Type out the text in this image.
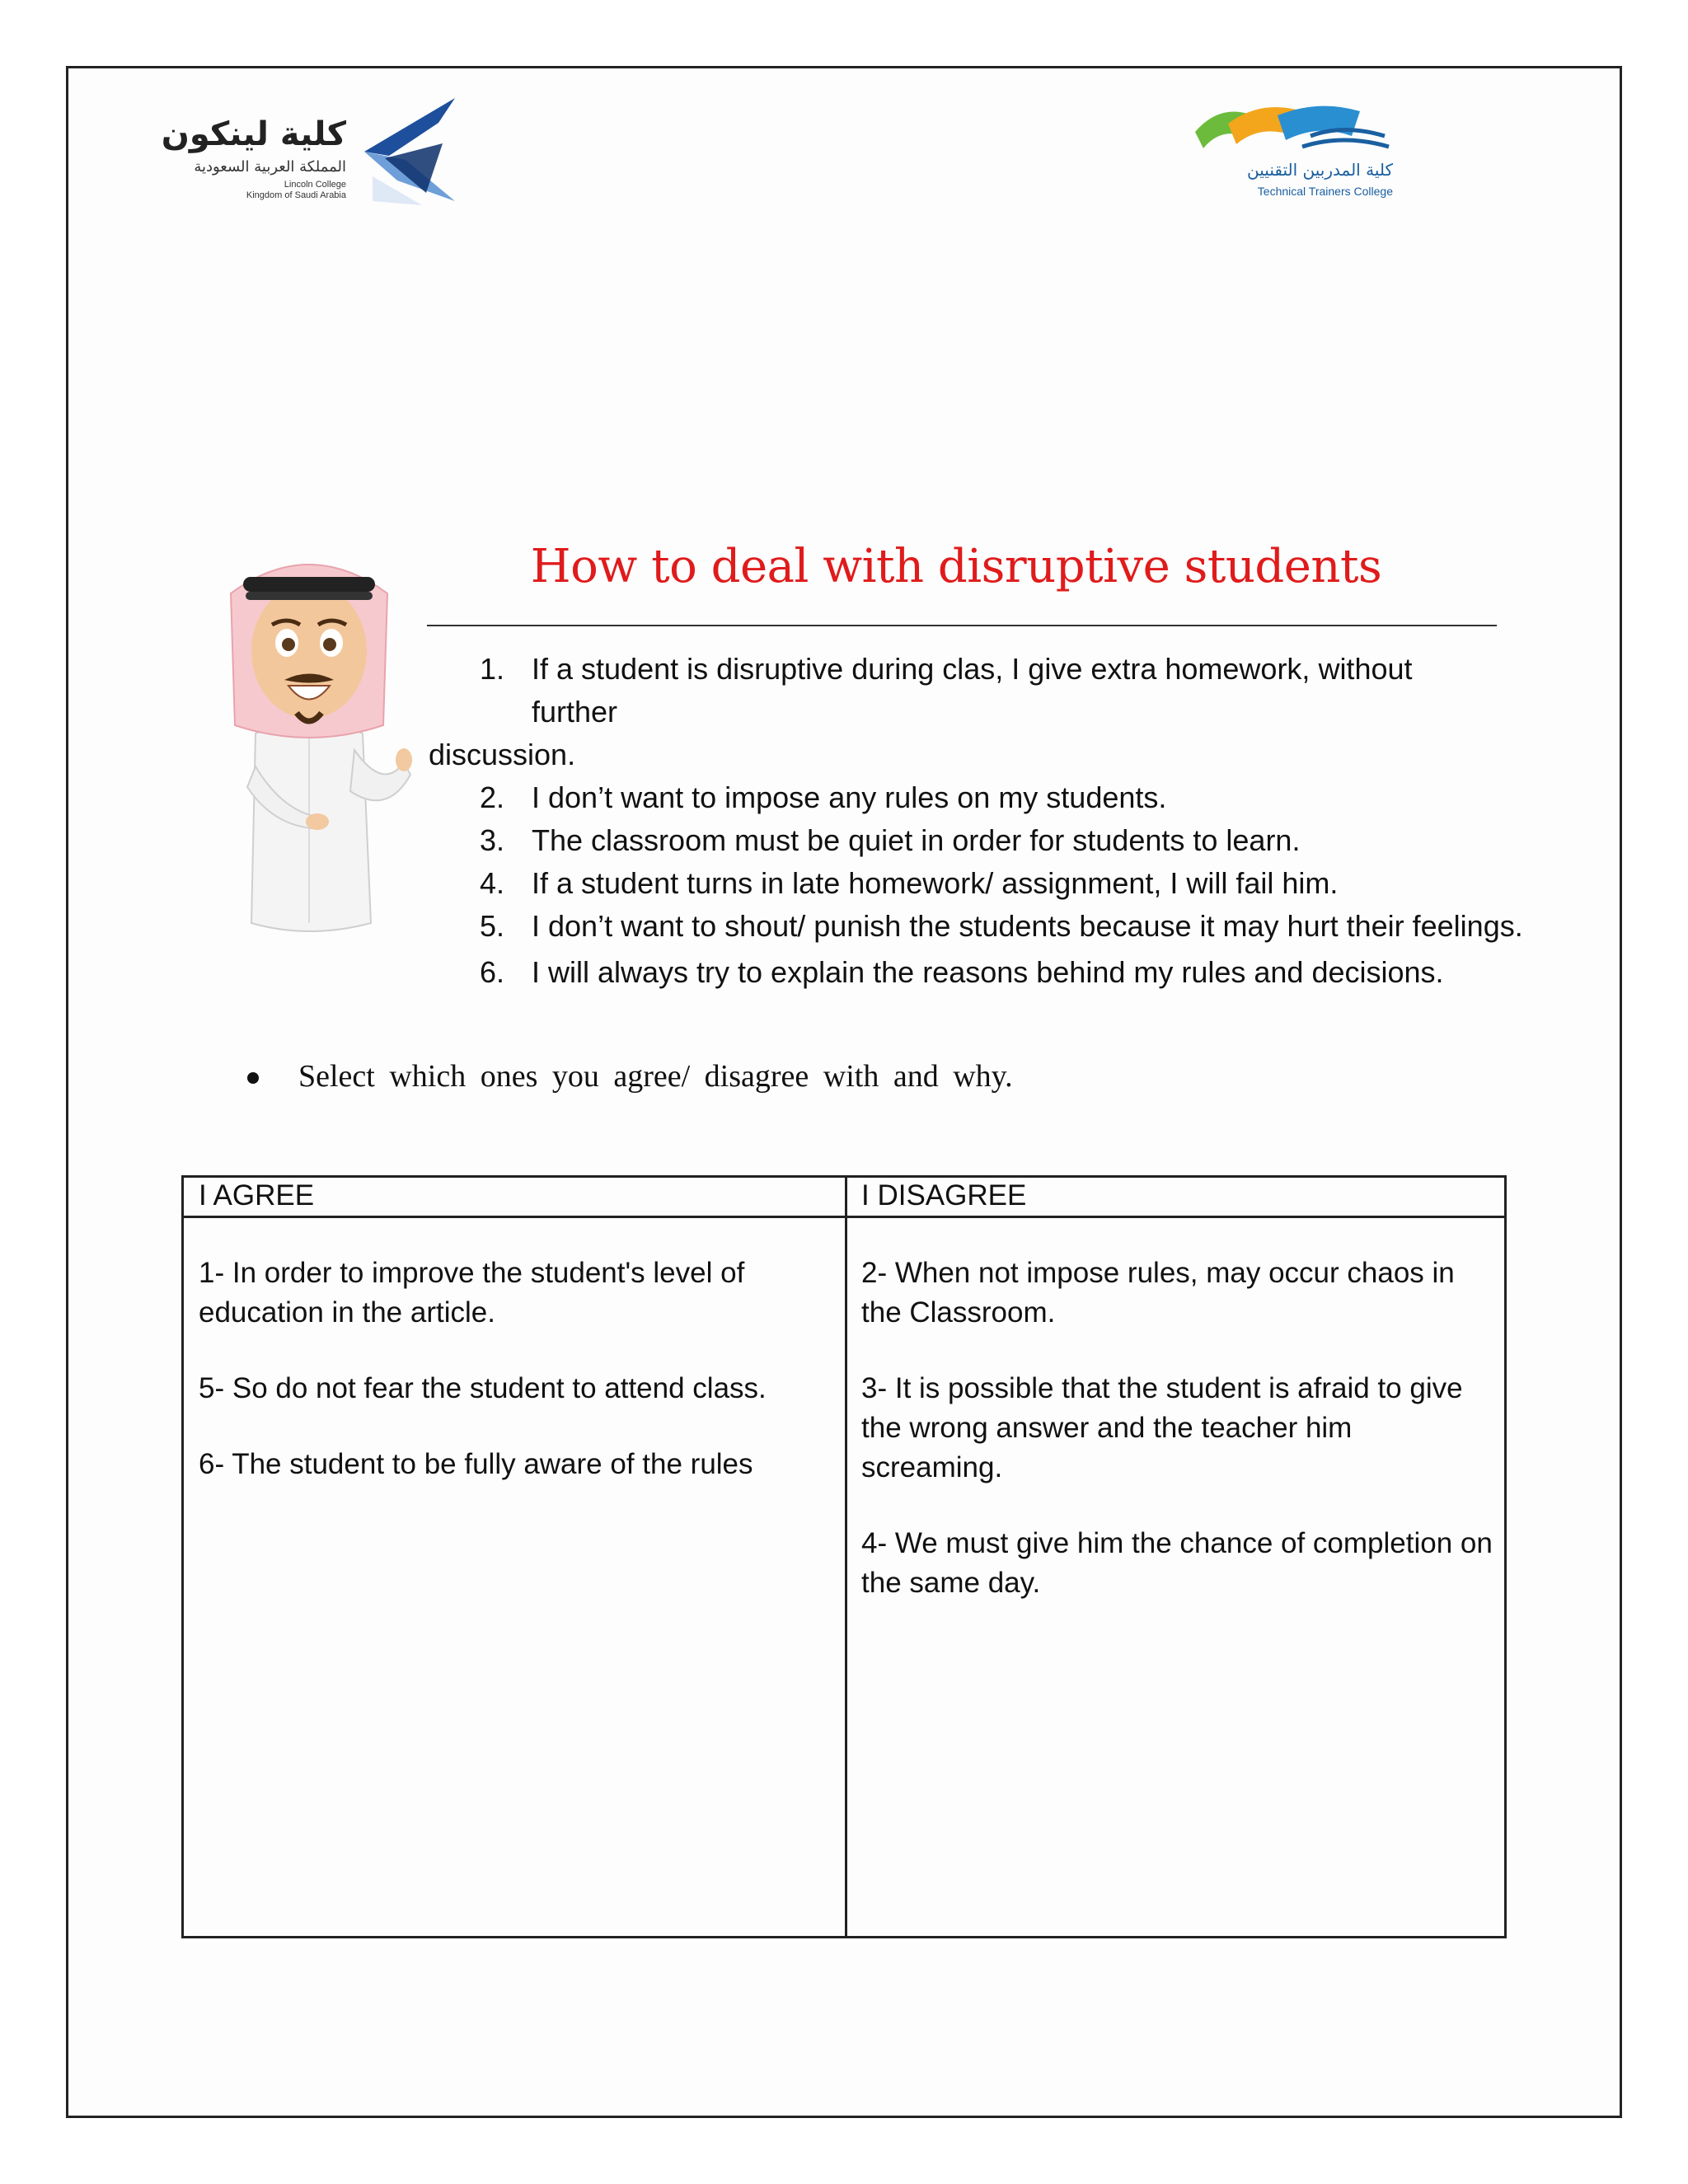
كلية لينكون
المملكة العربية السعودية
Lincoln College
Kingdom of Saudi Arabia
كلية المدربين التقنيين
Technical Trainers College
How to deal with disruptive students
1. If a student is disruptive during clas, I give extra homework, without further
discussion.
2. I don’t want to impose any rules on my students.
3. The classroom must be quiet in order for students to learn.
4. If a student turns in late homework/ assignment, I will fail him.
5. I don’t want to shout/ punish the students because it may hurt their feelings.
6. I will always try to explain the reasons behind my rules and decisions.
Select which ones you agree/ disagree with and why.
I AGREE	I DISAGREE

1- In order to improve the student's level of education in the article.

5- So do not fear the student to attend class.

6- The student to be fully aware of the rules

2- When not impose rules, may occur chaos in the Classroom.

3- It is possible that the student is afraid to give the wrong answer and the teacher him screaming.

4- We must give him the chance of completion on the same day.
